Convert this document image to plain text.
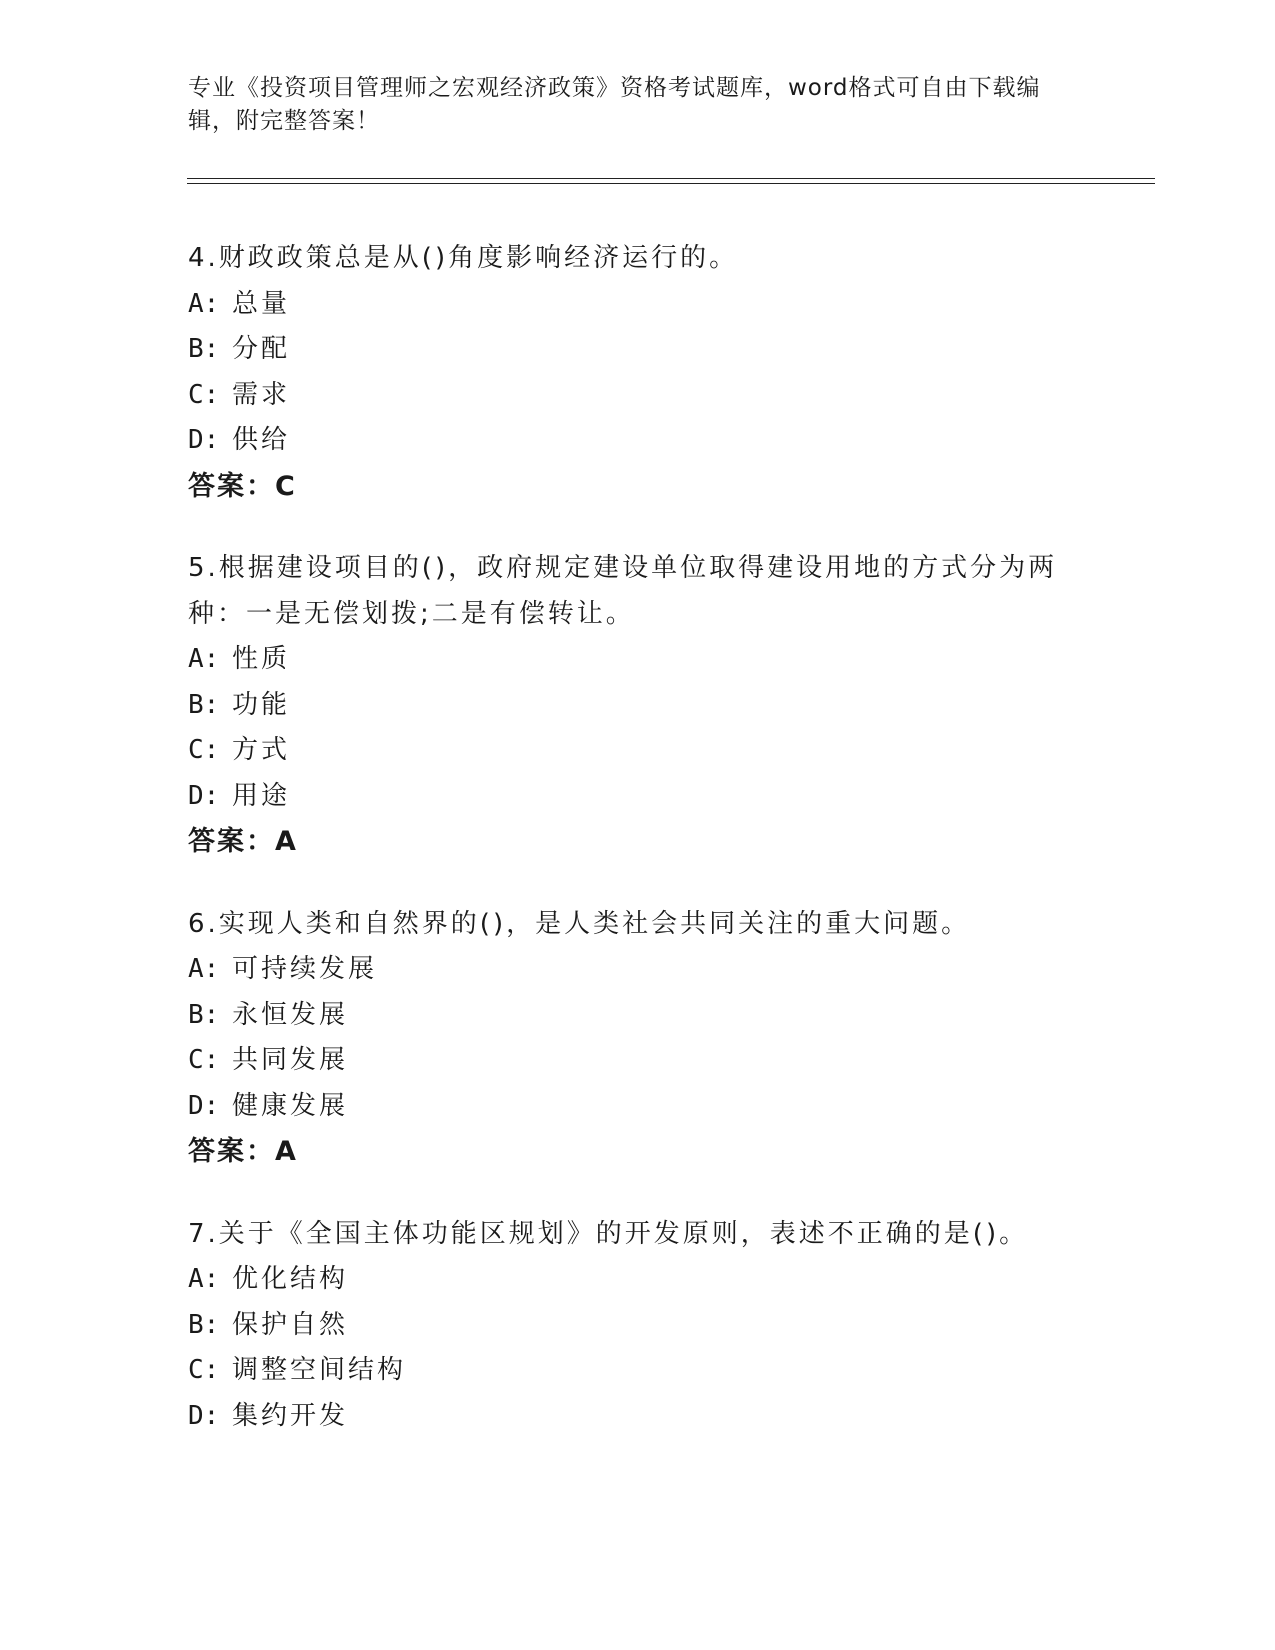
专业《投资项目管理师之宏观经济政策》资格考试题库，word格式可自由下载编
辑，附完整答案！
4.财政政策总是从()角度影响经济运行的。
A: 总量
B: 分配
C: 需求
D: 供给
答案：C
5.根据建设项目的()，政府规定建设单位取得建设用地的方式分为两
种：一是无偿划拨;二是有偿转让。
A: 性质
B: 功能
C: 方式
D: 用途
答案：A
6.实现人类和自然界的()，是人类社会共同关注的重大问题。
A: 可持续发展
B: 永恒发展
C: 共同发展
D: 健康发展
答案：A
7.关于《全国主体功能区规划》的开发原则，表述不正确的是()。
A: 优化结构
B: 保护自然
C: 调整空间结构
D: 集约开发
